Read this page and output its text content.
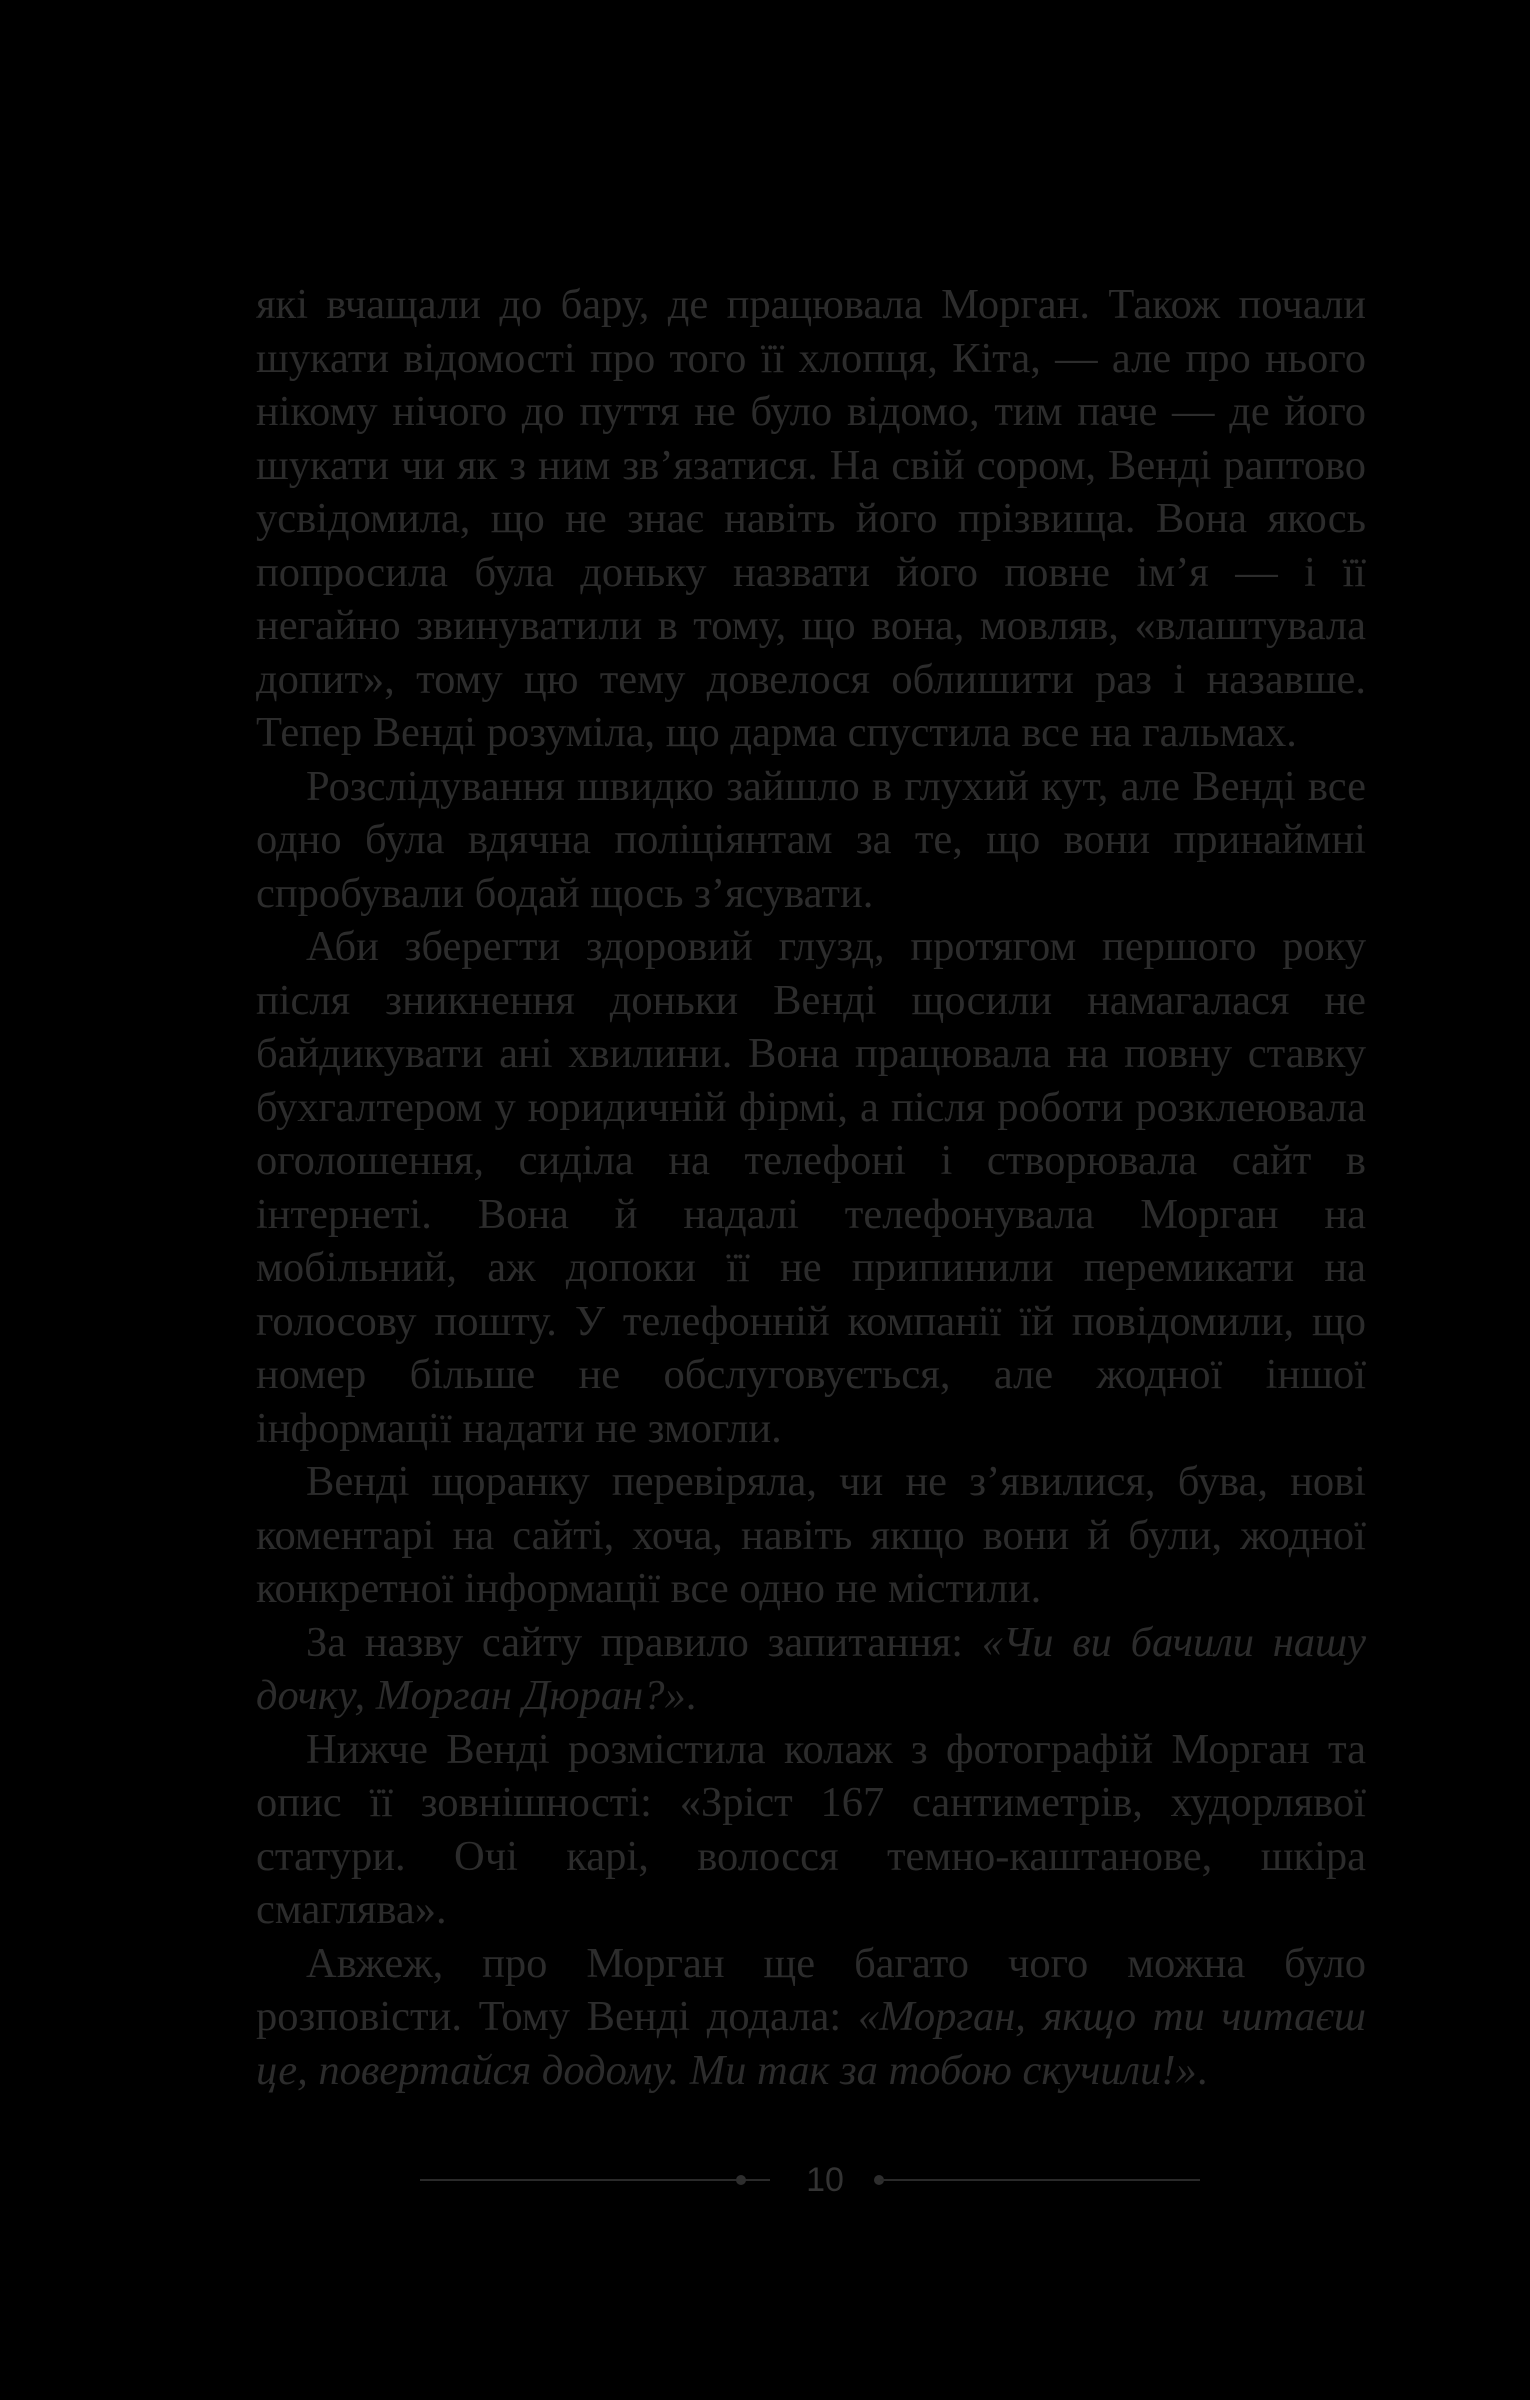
які вчащали до бару, де працювала Морган. Також почали шукати відомості про того її хлопця, Кіта, — але про нього нікому нічого до пуття не було відомо, тим паче — де його шукати чи як з ним зв’язатися. На свій сором, Венді раптово усвідомила, що не знає навіть його прізвища. Вона якось попросила була доньку назвати його повне ім’я — і її негайно звинуватили в тому, що вона, мовляв, «влаштувала допит», тому цю тему довелося облишити раз і назавше. Тепер Венді розуміла, що дарма спустила все на гальмах.

Розслідування швидко зайшло в глухий кут, але Венді все одно була вдячна поліціянтам за те, що вони принаймні спробували бодай щось з’ясувати.

Аби зберегти здоровий глузд, протягом першого року після зникнення доньки Венді щосили намагалася не байдикувати ані хвилини. Вона працювала на повну ставку бухгалтером у юридичній фірмі, а після роботи розклеювала оголошення, сиділа на телефоні і створювала сайт в інтернеті. Вона й надалі телефонувала Морган на мобільний, аж допоки її не припинили перемикати на голосову пошту. У телефонній компанії їй повідомили, що номер більше не обслуговується, але жодної іншої інформації надати не змогли.

Венді щоранку перевіряла, чи не з’явилися, бува, нові коментарі на сайті, хоча, навіть якщо вони й були, жодної конкретної інформації все одно не містили.

За назву сайту правило запитання: «Чи ви бачили нашу дочку, Морган Дюран?».

Нижче Венді розмістила колаж з фотографій Морган та опис її зовнішності: «Зріст 167 сантиметрів, худорлявої статури. Очі карі, волосся темно-каштанове, шкіра смаглява».

Авжеж, про Морган ще багато чого можна було розповісти. Тому Венді додала: «Морган, якщо ти читаєш це, повертайся додому. Ми так за тобою скучили!».

10
